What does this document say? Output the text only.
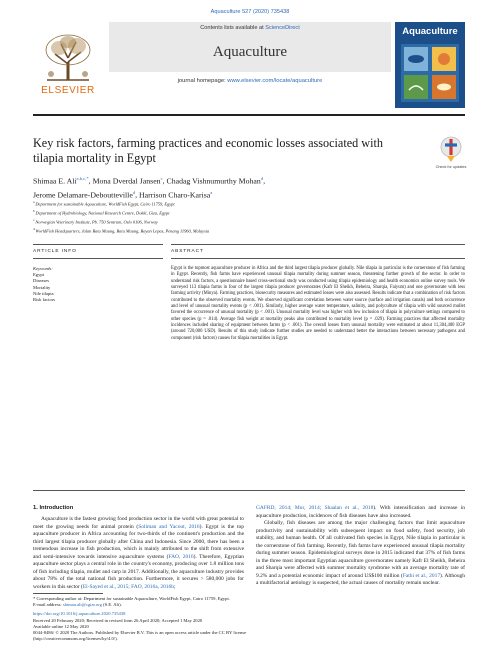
Aquaculture 527 (2020) 735438
ELSEVIER
Contents lists available at ScienceDirect
Aquaculture
journal homepage: www.elsevier.com/locate/aquaculture
Aquaculture
Key risk factors, farming practices and economic losses associated with
tilapia mortality in Egypt
Check for updates
Shimaa E. Ali$^{a,b,c,*}$, Mona Dverdal Jansen$^c$, Chadag Vishnumurthy Mohan$^d$,
Jerome Delamare-Deboutteville$^d$, Harrison Charo-Karisa$^a$
$^a$ Department for sustainable Aquaculture, WorldFish Egypt, Cairo 11759, Egypt
$^b$ Department of Hydrobiology, National Research Centre, Dokki, Giza, Egypt
$^c$ Norwegian Veterinary Institute, Pb. 750 Sentrum, Oslo 0106, Norway
$^d$ WorldFish Headquarters, Jalan Batu Maung, Batu Maung, Bayan Lepas, Penang 11960, Malaysia
ARTICLE INFO	ABSTRACT
Keywords:
Egypt
Diseases
Mortality
Nile tilapia
Risk factors
Egypt is the topmost aquaculture producer in Africa and the third largest tilapia producer globally. Nile tilapia in particular is the cornerstone of fish farming in Egypt. Recently, fish farms have experienced unusual tilapia mortality during summer season, threatening further growth of the sector. In order to understand risk factors, a questionnaire based cross-sectional study was conducted using tilapia epidemiology and health economics online survey tools. We surveyed 113 tilapia farms in four of the largest tilapia producer governorates (Kafr El Sheikh, Beheira, Sharqia, Faiyum) and one governorate with less farming activity (Minya). Farming practices, biosecurity measures and estimated losses were also assessed. Results indicate that a combination of risk factors contributed to the observed mortality events. We observed significant correlation between water source (surface and irrigation canals) and both occurrence and level of unusual mortality events (p < .001). Similarly, higher average water temperature, salinity, and polyculture of tilapia with wild sourced mullet favored the occurrence of unusual mortality (p < .001). Unusual mortality level was higher with low inclusion of tilapia in polyculture settings compared to other species (p = .014). Average fish weight at mortality peaks also contributed to mortality level (p = .029). Farming practices that affected mortality incidences included sharing of equipment between farms (p < .001). The overall losses from unusual mortality were estimated at about 11,304,400 EGP (around 720,000 USD). Results of this study indicate further studies are needed to understand better the interactions between necessary pathogens and component (risk factors) causes for tilapia mortalities in Egypt.
1. Introduction
Aquaculture is the fastest growing food production sector in the world with great potential to meet the growing needs for animal protein (Soliman and Yacout, 2016). Egypt is the top aquaculture producer in Africa accounting for two-thirds of the continent's production and the third largest tilapia producer globally after China and Indonesia. Since 2000, there has been a tremendous increase in fish production, which is mainly attributed to the shift from extensive and semi-intensive towards intensive aquaculture systems (FAO, 2016). Therefore, Egyptian aquaculture sector plays a central role in the country's economy, producing over 1.8 million tons of fish including tilapia, mullet and carp in 2017. Additionally, the aquaculture industry provides about 78% of the total national fish production. Furthermore, it secures > 580,000 jobs for workers in this sector (El-Sayed et al., 2015; FAO, 2016a, 2016b;
GAFRD, 2014; Mur, 2014; Shaalan et al., 2018). With intensification and increase in aquaculture production, incidences of fish diseases have also increased.
Globally, fish diseases are among the major challenging factors that limit aquaculture productivity and sustainability with subsequent impact on food safety, food security, job stability, and human health. Of all cultivated fish species in Egypt, Nile tilapia in particular is the cornerstone of fish farming. Recently, fish farms have experienced unusual tilapia mortality during summer season. Epidemiological surveys done in 2015 indicated that 37% of fish farms in the three most important Egyptian aquaculture governorates namely Kafr El Sheikh, Beheira and Sharqia were affected with summer mortality syndrome with an average mortality rate of 9.2% and a potential economic impact of around US$100 million (Fathi et al., 2017). Although a multifactorial aetiology is suspected, the actual causes of mortality remain unclear.
* Corresponding author at: Department for sustainable Aquaculture, WorldFish Egypt, Cairo 11759, Egypt.
E-mail address: shimaa.ali@cgiar.org (S.E. Ali).
https://doi.org/10.1016/j.aquaculture.2020.735438
Received 20 February 2020; Received in revised form 26 April 2020; Accepted 1 May 2020
Available online 12 May 2020
0044-8486/ © 2020 The Authors. Published by Elsevier B.V. This is an open access article under the CC BY license
(http://creativecommons.org/licenses/by/4.0/).
